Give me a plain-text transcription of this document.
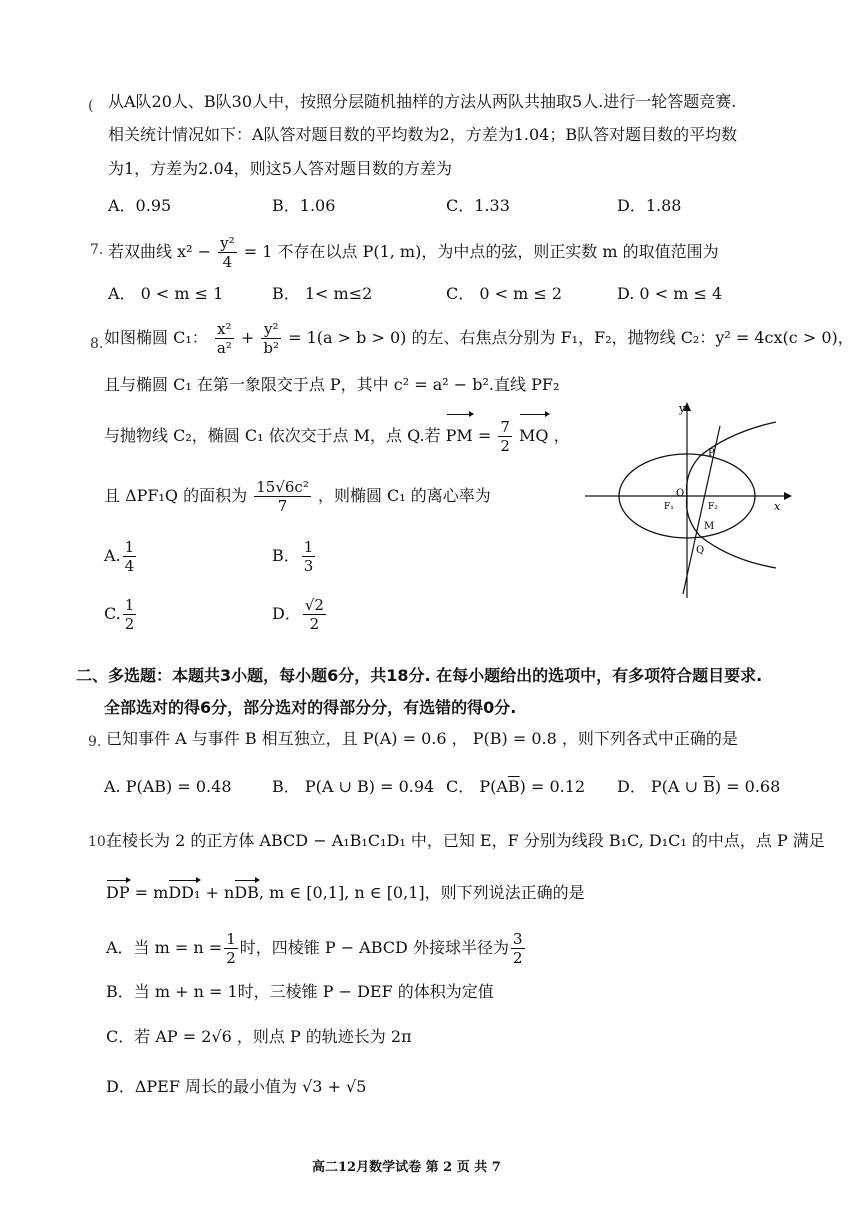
( 从A队20人、B队30人中，按照分层随机抽样的方法从两队共抽取5人.进行一轮答题竞赛.
相关统计情况如下：A队答对题目数的平均数为2，方差为1.04；B队答对题目数的平均数
为1，方差为2.04，则这5人答对题目数的方差为
A．0.95	B．1.06	C．1.33	D．1.88
7. 若双曲线 $x^2 - \frac{\text{y²}}{4} = 1$ 不存在以点 P(1, m)，为中点的弦，则正实数 m 的取值范围为
A． 0 < m ≤ 1	B． 1< m≤2	C． 0 < m ≤ 2	D. 0 < m ≤ 4
8. 如图椭圆 C₁： $\frac{\text{x²}}{\text{a²}} + \frac{\text{y²}}{\text{b²}} = 1(a > b > 0)$ 的左、右焦点分别为 F₁，F₂，抛物线 C₂：y² = 4cx(c > 0)，
且与椭圆 C₁ 在第一象限交于点 P，其中 c² = a² − b².直线 PF₂
与抛物线 C₂，椭圆 C₁ 依次交于点 M，点 Q.若 PM = $\frac{7}{2}$ MQ ，
且 ΔPF₁Q 的面积为 $\frac{\text{15√6c²}}{7}$ ，则椭圆 C₁ 的离心率为
A. $\frac{1}{4}$	B． $\frac{1}{3}$
C. $\frac{1}{2}$	D． $\frac{√2}{2}$
y
x
O
P
F₁	F₂
M
Q
二、多选题：本题共3小题，每小题6分，共18分. 在每小题给出的选项中，有多项符合题目要求.
全部选对的得6分，部分选对的得部分分，有选错的得0分.
9. 已知事件 A 与事件 B 相互独立，且 P(A) = 0.6 ， P(B) = 0.8 ，则下列各式中正确的是
A. P(AB) = 0.48	B． P(A ∪ B) = 0.94 C． $P(A\overline{B}) = 0.12$ D． P(A ∪ $\overline{B}) = 0.68$
10.
在棱长为 2 的正方体 ABCD − A₁B₁C₁D₁ 中，已知 E，F 分别为线段 B₁C, D₁C₁ 的中点，点 P 满足
DP = mDD₁ + nDB, m ∈ [0,1], n ∈ [0,1]，则下列说法正确的是
A．当 $m = n = \frac{1}{2}$ 时，四棱锥 P − ABCD 外接球半径为 $\frac{3}{2}$
B．当 m + n = 1时，三棱锥 P − DEF 的体积为定值
C．若 AP = 2√6 ，则点 P 的轨迹长为 2π
D．ΔPEF 周长的最小值为 √3 + √5
高二12月数学试卷 第 2 页 共 7
